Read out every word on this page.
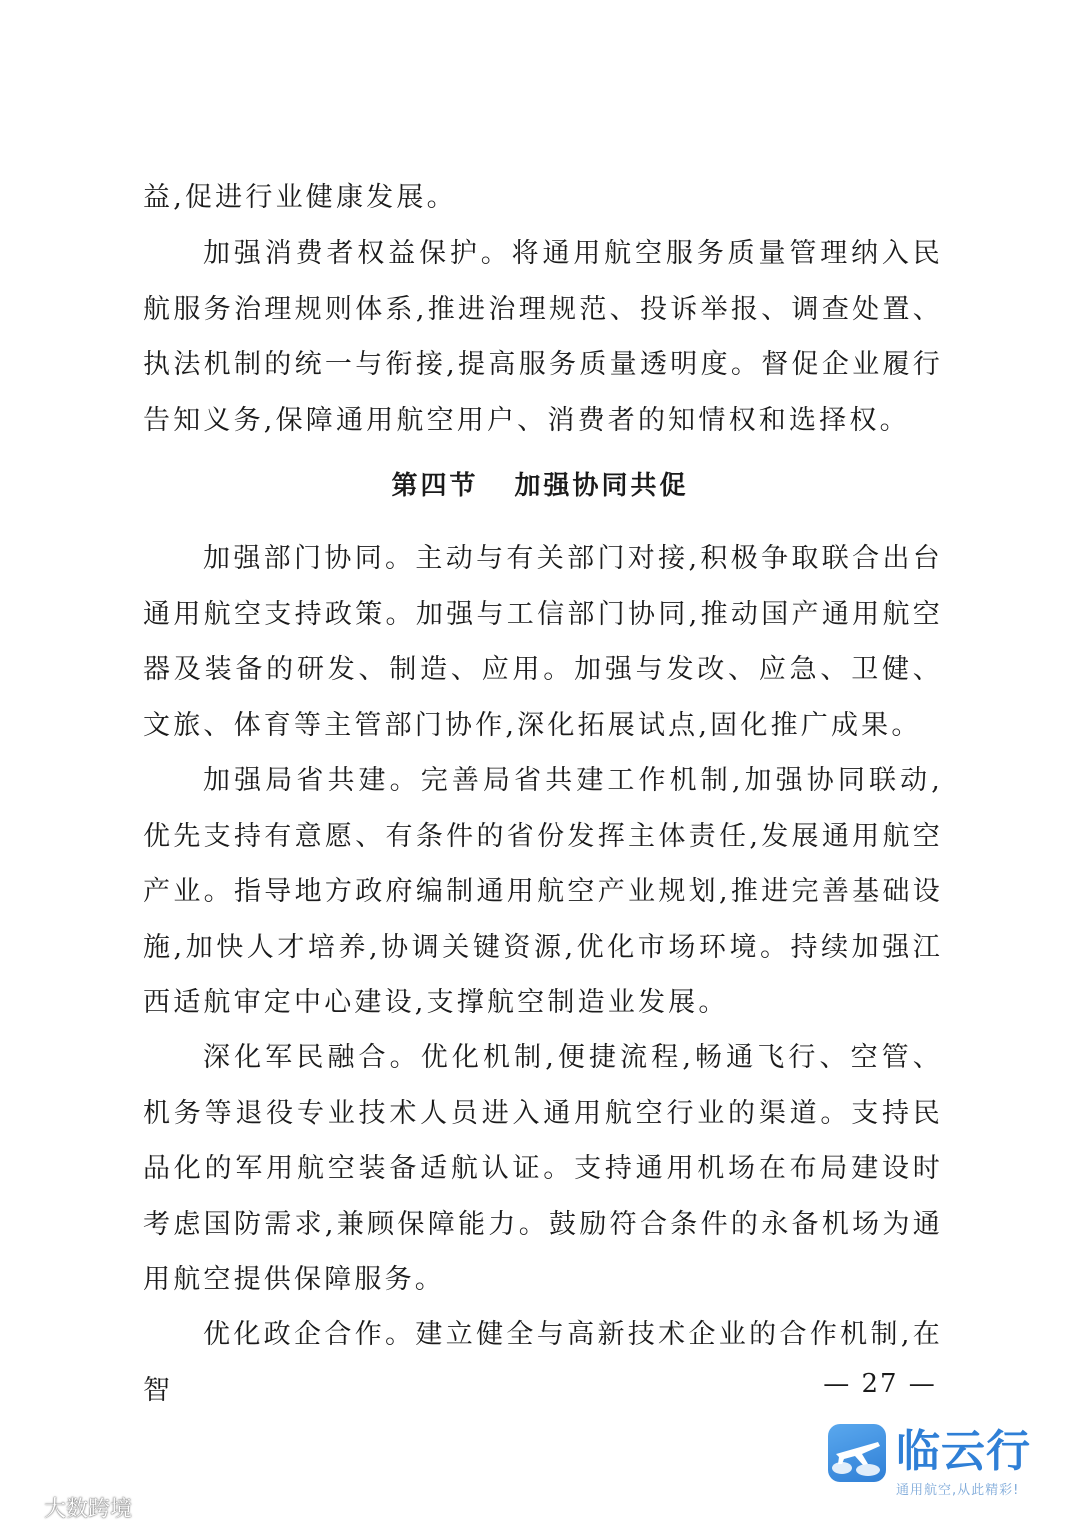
益,促进行业健康发展。

加强消费者权益保护。将通用航空服务质量管理纳入民航服务治理规则体系,推进治理规范、投诉举报、调查处置、执法机制的统一与衔接,提高服务质量透明度。督促企业履行告知义务,保障通用航空用户、消费者的知情权和选择权。

第四节 加强协同共促

加强部门协同。主动与有关部门对接,积极争取联合出台通用航空支持政策。加强与工信部门协同,推动国产通用航空器及装备的研发、制造、应用。加强与发改、应急、卫健、文旅、体育等主管部门协作,深化拓展试点,固化推广成果。

加强局省共建。完善局省共建工作机制,加强协同联动,优先支持有意愿、有条件的省份发挥主体责任,发展通用航空产业。指导地方政府编制通用航空产业规划,推进完善基础设施,加快人才培养,协调关键资源,优化市场环境。持续加强江西适航审定中心建设,支撑航空制造业发展。

深化军民融合。优化机制,便捷流程,畅通飞行、空管、机务等退役专业技术人员进入通用航空行业的渠道。支持民品化的军用航空装备适航认证。支持通用机场在布局建设时考虑国防需求,兼顾保障能力。鼓励符合条件的永备机场为通用航空提供保障服务。

优化政企合作。建立健全与高新技术企业的合作机制,在智	— 27 —
临云行
通用航空,从此精彩!
大数跨境
